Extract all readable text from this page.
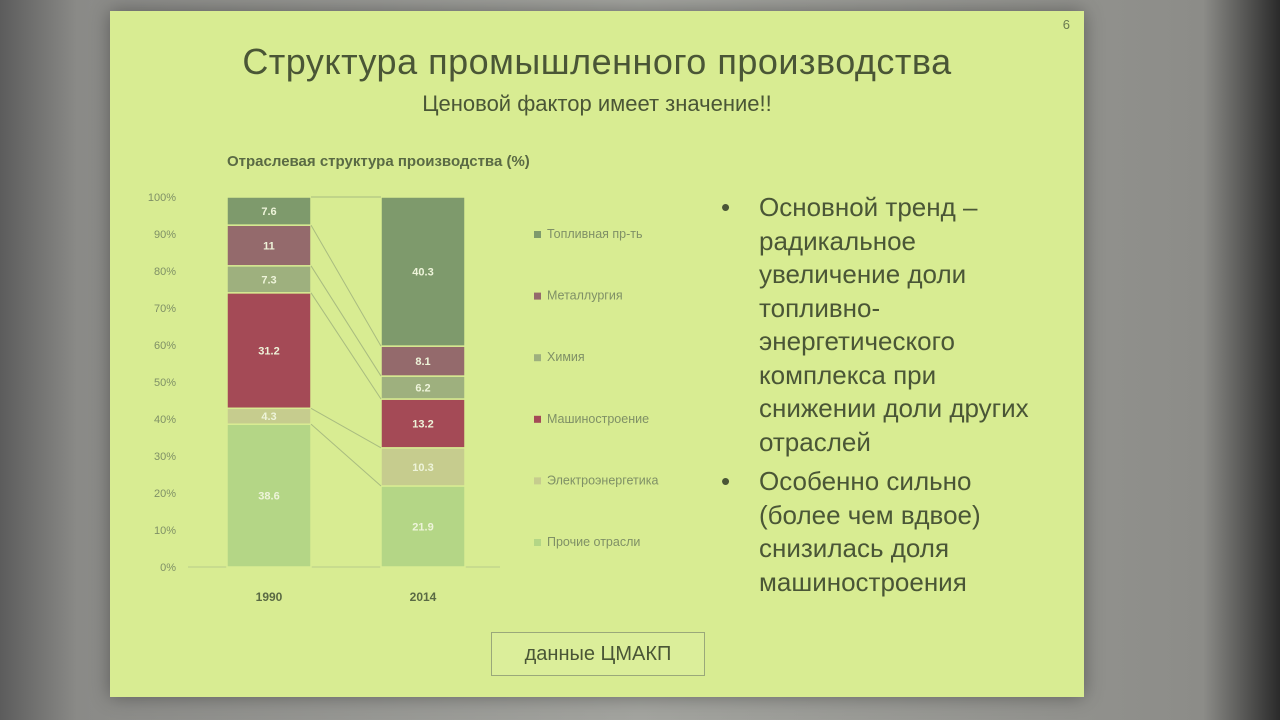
6
Структура промышленного производства
Ценовой фактор имеет значение!!
Отраслевая структура производства (%)
0%
10%
20%
30%
40%
50%
60%
70%
80%
90%
100%
38.6
21.9
4.3
10.3
31.2
13.2
7.3
6.2
11
8.1
7.6
40.3
1990	2014
Топливная пр-ть
Металлургия
Химия
Машиностроение
Электроэнергетика
Прочие отрасли
• Основной тренд – радикальное увеличение доли топливно-энергетического комплекса при снижении доли других отраслей
• Особенно сильно (более чем вдвое) снизилась доля машиностроения
данные ЦМАКП
